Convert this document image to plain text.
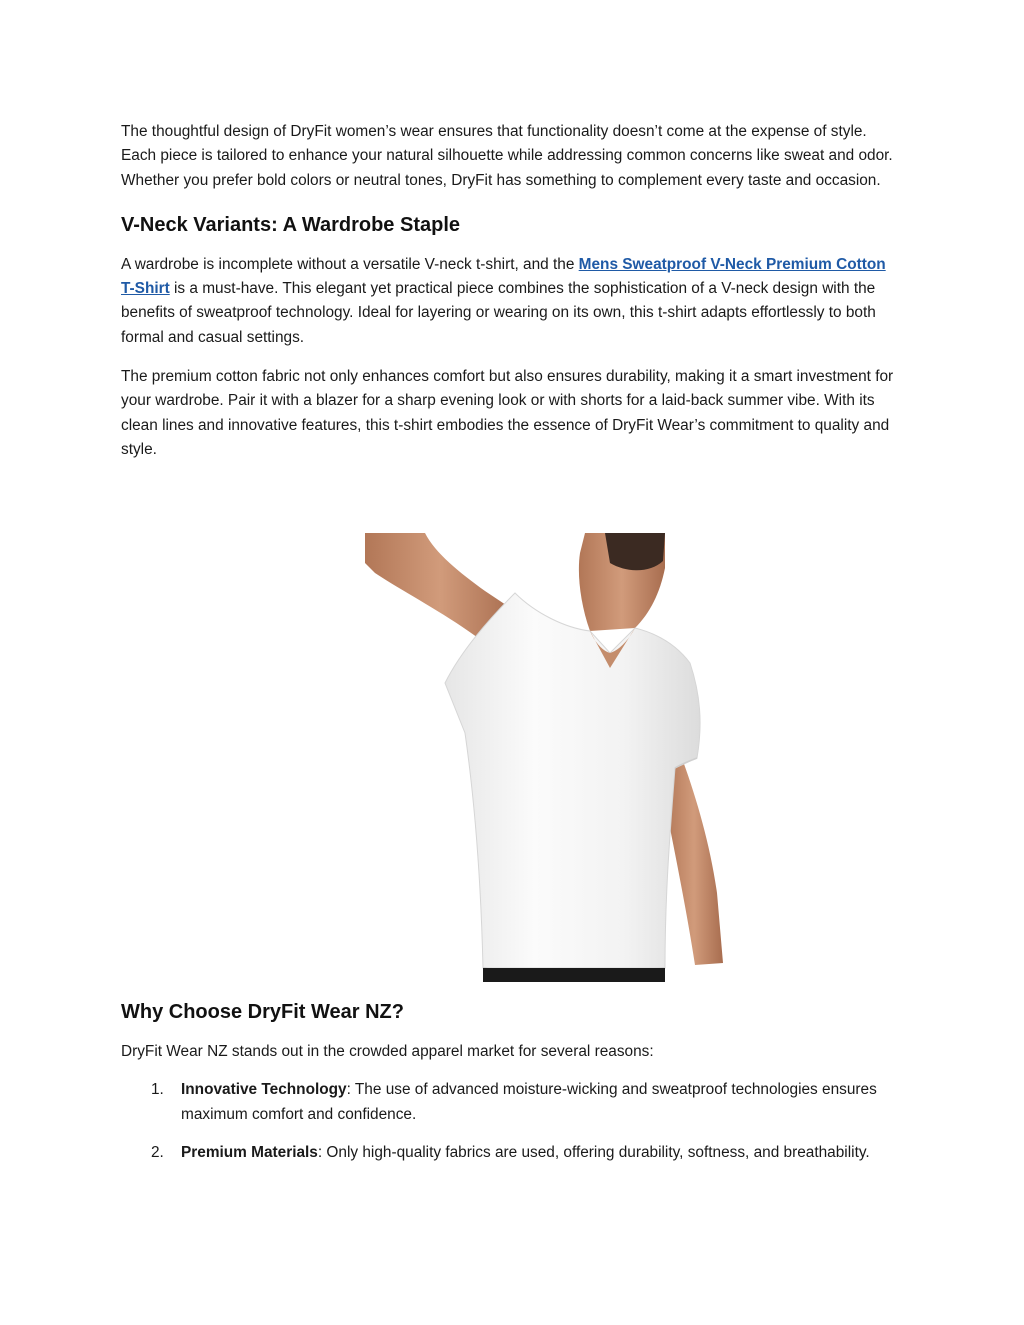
The thoughtful design of DryFit women’s wear ensures that functionality doesn’t come at the expense of style. Each piece is tailored to enhance your natural silhouette while addressing common concerns like sweat and odor. Whether you prefer bold colors or neutral tones, DryFit has something to complement every taste and occasion.

V-Neck Variants: A Wardrobe Staple

A wardrobe is incomplete without a versatile V-neck t-shirt, and the Mens Sweatproof V-Neck Premium Cotton T-Shirt is a must-have. This elegant yet practical piece combines the sophistication of a V-neck design with the benefits of sweatproof technology. Ideal for layering or wearing on its own, this t-shirt adapts effortlessly to both formal and casual settings.

The premium cotton fabric not only enhances comfort but also ensures durability, making it a smart investment for your wardrobe. Pair it with a blazer for a sharp evening look or with shorts for a laid-back summer vibe. With its clean lines and innovative features, this t-shirt embodies the essence of DryFit Wear’s commitment to quality and style.

Why Choose DryFit Wear NZ?

DryFit Wear NZ stands out in the crowded apparel market for several reasons:

1. Innovative Technology: The use of advanced moisture-wicking and sweatproof technologies ensures maximum comfort and confidence.
2. Premium Materials: Only high-quality fabrics are used, offering durability, softness, and breathability.
